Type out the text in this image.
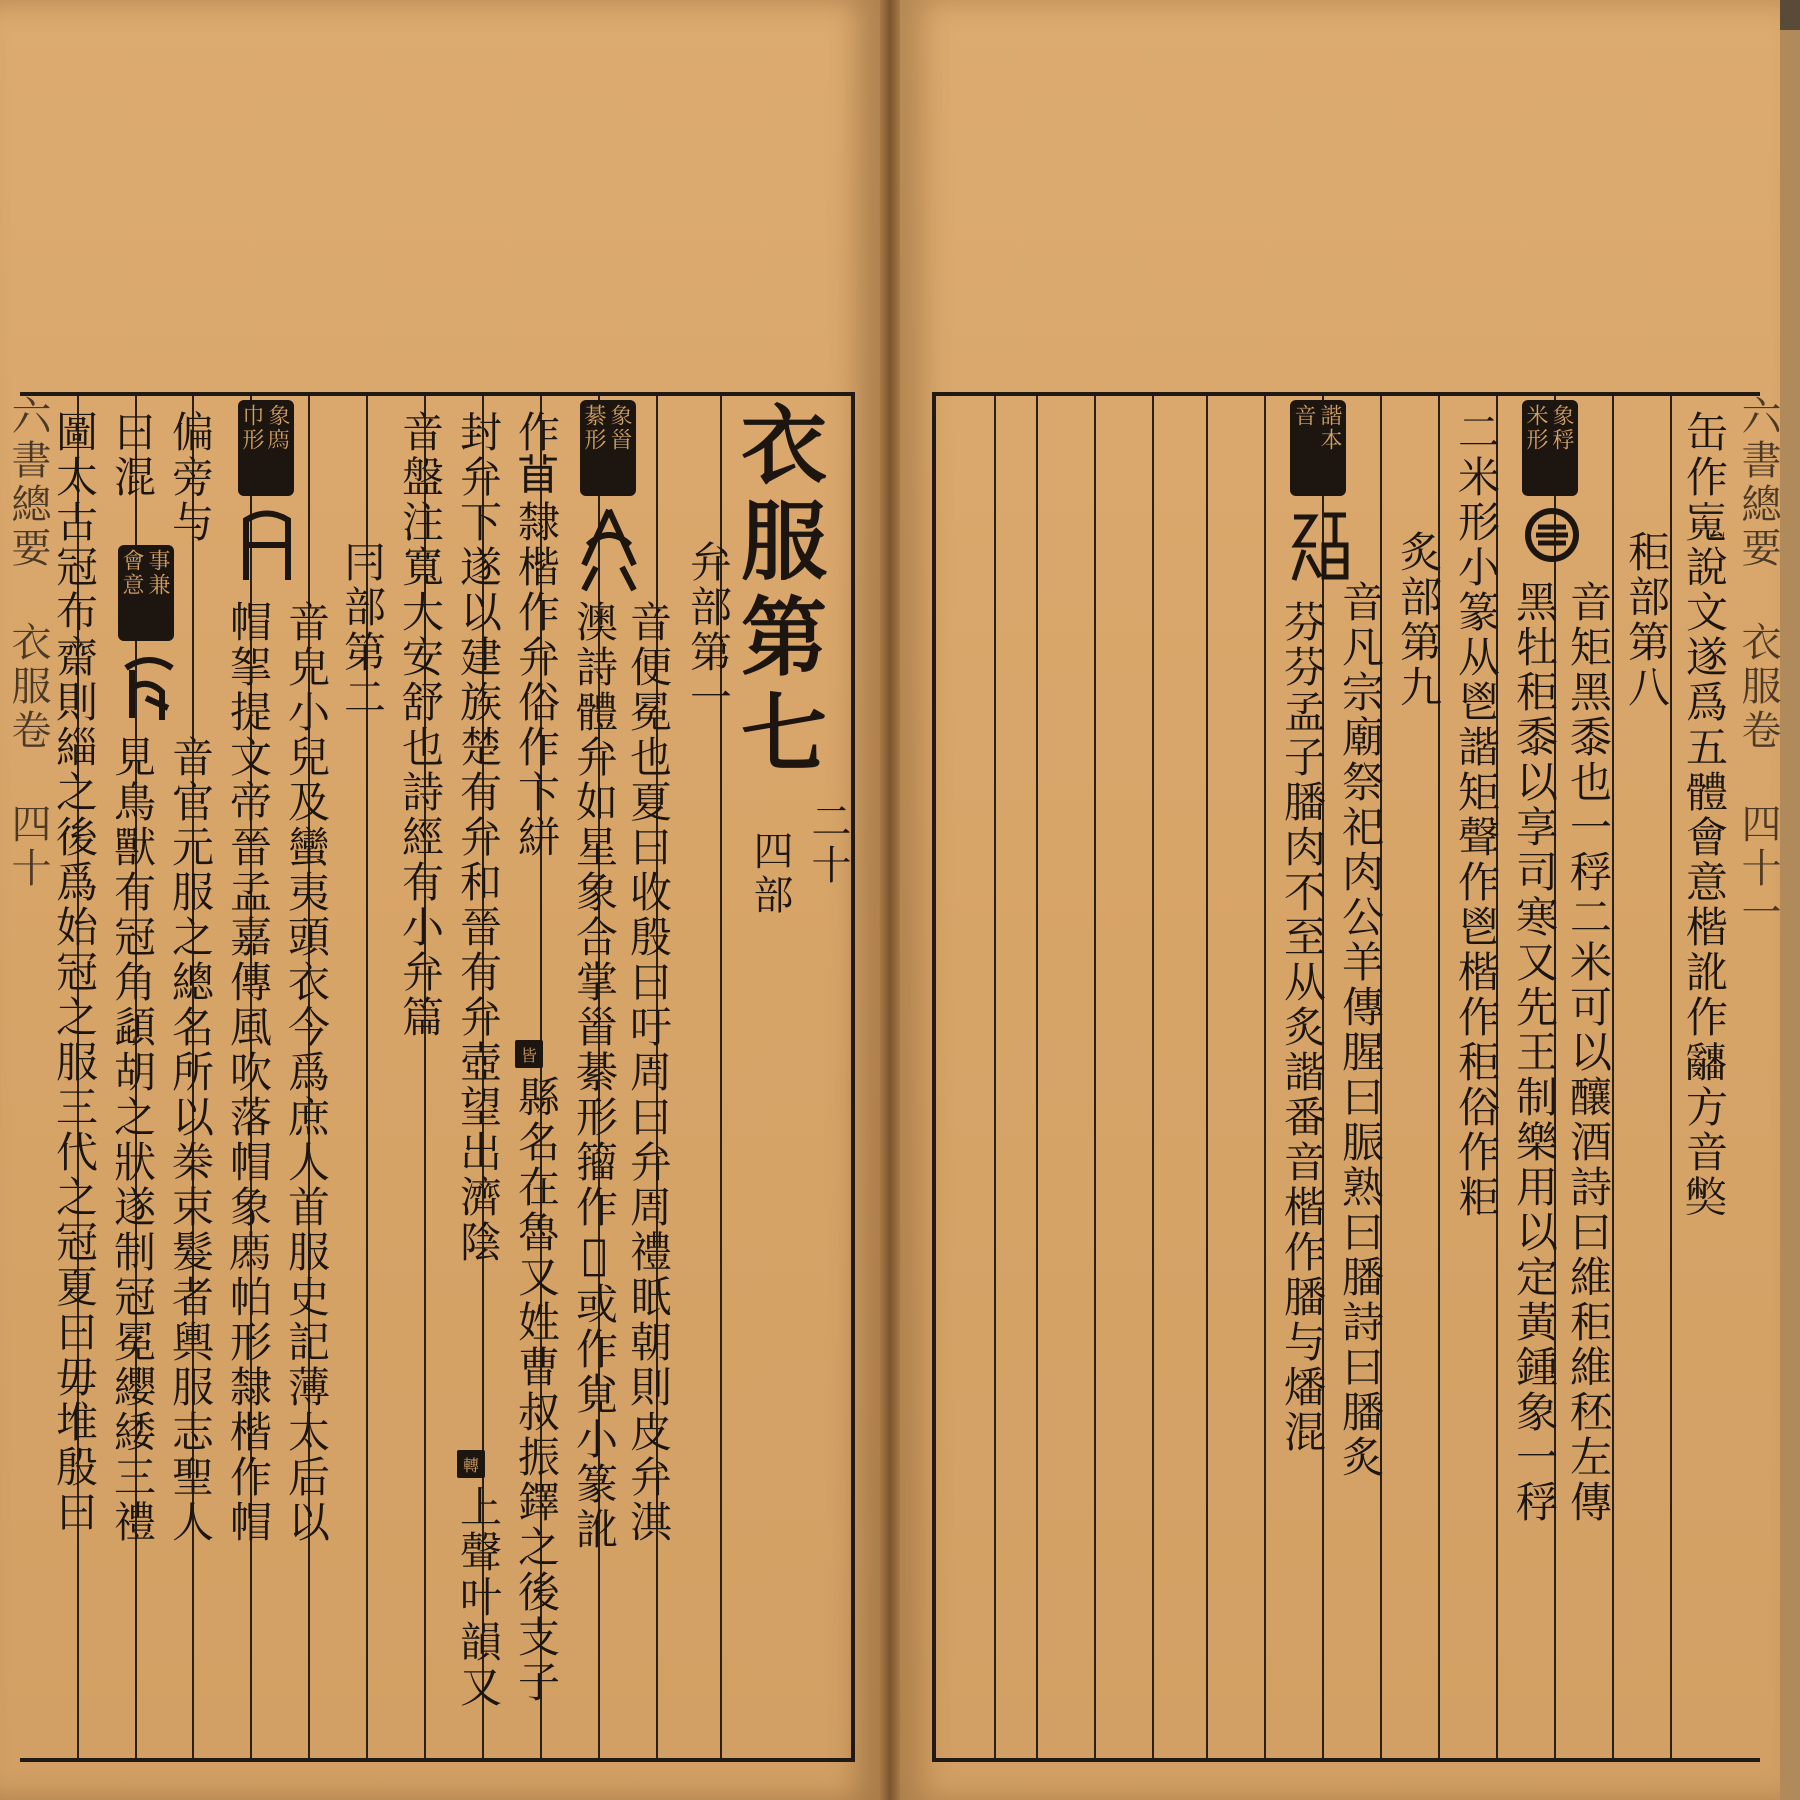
衣服第七
二十
四部
弁部第一
象𩠐
綦形
音便冕也夏曰收殷曰吁周曰弁周禮眂朝則皮弁淇
澳詩體弁如星象合掌𩠐綦形籀作𡮣或作覍小篆訛
作𥄕隸楷作弁俗作卞絣
皆
縣名在魯又姓曹叔振鐸之後支子
封弁下遂以建族楚有弁和晉有弁壺望出濟陰
轉
上聲叶韻又
音盤注寬大安舒也詩經有小弁篇
冃部第二
象𢊁
巾形
音皃小兒及蠻夷頭衣今爲庶人首服史記薄太后以
帽挐提文帝晉孟嘉傳風吹落帽象𢊁帕形隸楷作帽
偏旁与
事兼
會意
音官元服之總名所以桊束髮者輿服志聖人
曰混
見鳥獸有冠角頿胡之狀遂制冠冕纓緌三禮
圖太古冠布齋則緇之後爲始冠之服三代之冠夏曰毋堆殷曰
六書總要 衣服卷 四十	六書總要 衣服卷 四十一
缶作𩱿說文遂爲五體會意楷訛作𤕌方音𡚁
秬部第八
象稃
米形
音矩黑黍也一稃二米可以釀酒詩曰維秬維秠左傳
黑牡秬黍以享司寒又先王制樂用以定黃鍾象一稃
二米形小篆从鬯諧矩聲作鬯楷作秬俗作粔
炙部第九
諧本
音
音凡宗廟祭祀肉公羊傳腥曰脤熟曰膰詩曰膰炙
芬芬孟子膰肉不至从炙諧番音楷作膰与燔混
